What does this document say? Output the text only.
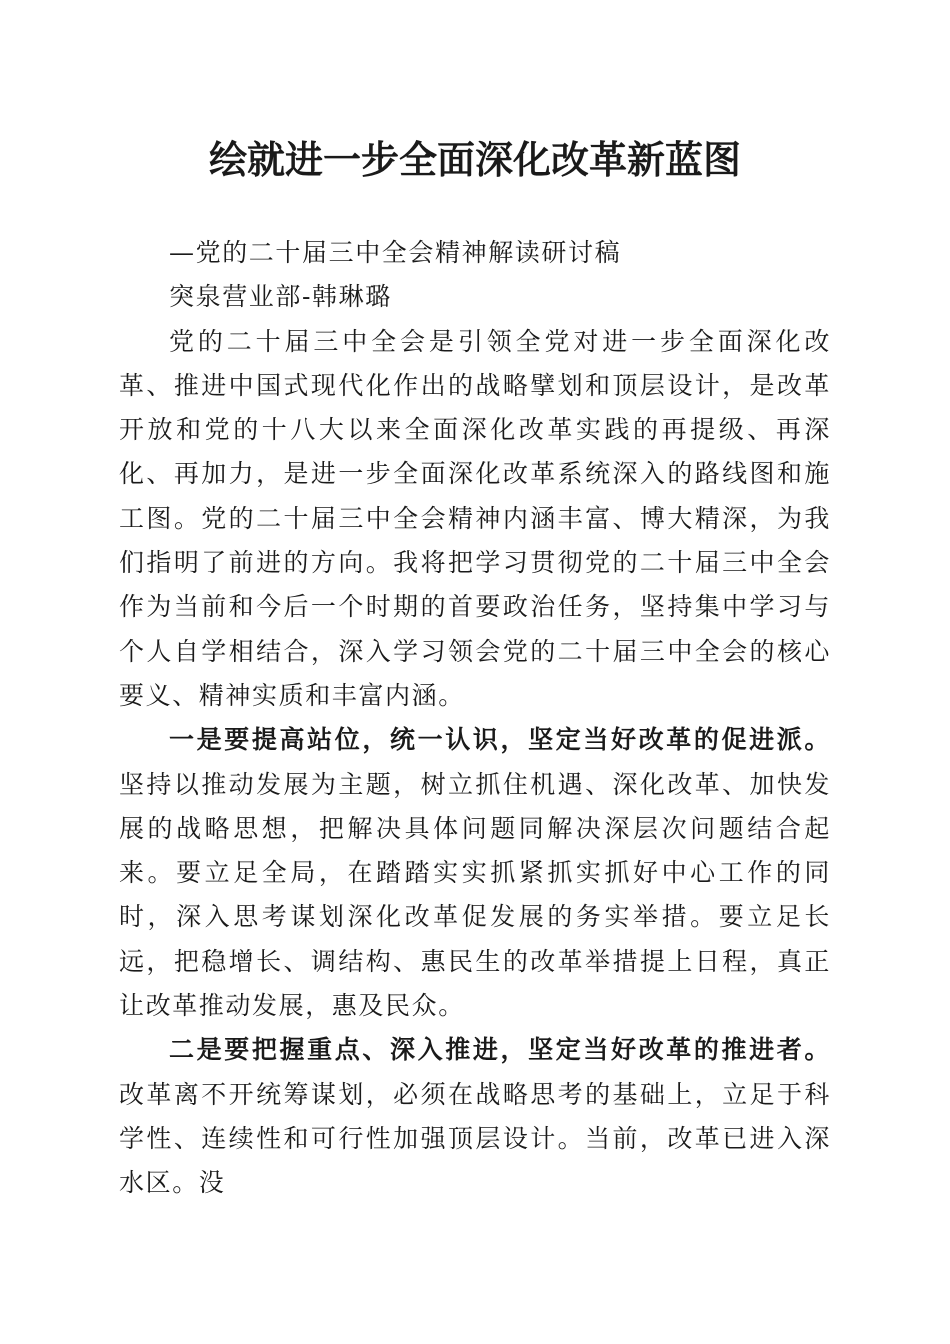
绘就进一步全面深化改革新蓝图

—党的二十届三中全会精神解读研讨稿

突泉营业部-韩琳璐

党的二十届三中全会是引领全党对进一步全面深化改革、推进中国式现代化作出的战略擘划和顶层设计，是改革开放和党的十八大以来全面深化改革实践的再提级、再深化、再加力，是进一步全面深化改革系统深入的路线图和施工图。党的二十届三中全会精神内涵丰富、博大精深，为我们指明了前进的方向。我将把学习贯彻党的二十届三中全会作为当前和今后一个时期的首要政治任务，坚持集中学习与个人自学相结合，深入学习领会党的二十届三中全会的核心要义、精神实质和丰富内涵。

一是要提高站位，统一认识，坚定当好改革的促进派。坚持以推动发展为主题，树立抓住机遇、深化改革、加快发展的战略思想，把解决具体问题同解决深层次问题结合起来。要立足全局，在踏踏实实抓紧抓实抓好中心工作的同时，深入思考谋划深化改革促发展的务实举措。要立足长远，把稳增长、调结构、惠民生的改革举措提上日程，真正让改革推动发展，惠及民众。

二是要把握重点、深入推进，坚定当好改革的推进者。改革离不开统筹谋划，必须在战略思考的基础上，立足于科学性、连续性和可行性加强顶层设计。当前，改革已进入深水区。没
